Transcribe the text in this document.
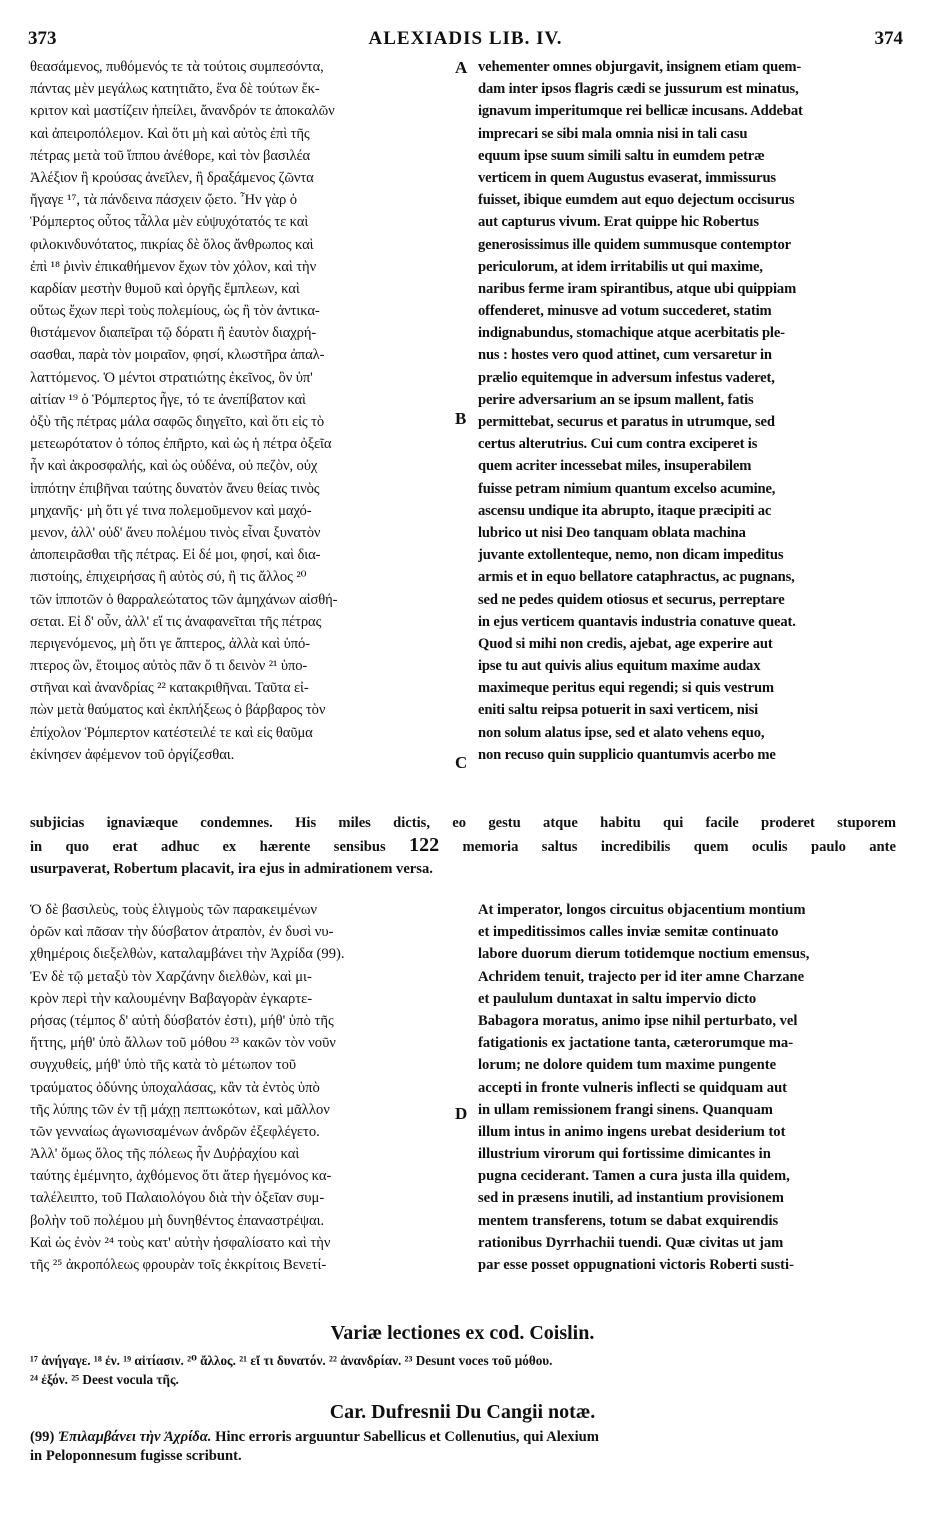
373	ALEXIADIS LIB. IV.	374
θεασάμενος, πυθόμενός τε τὰ τούτοις συμπεσόντα,
πάντας μὲν μεγάλως κατητιᾶτο, ἕνα δὲ τούτων ἔκ-
κριτον καὶ μαστίζειν ἠπείλει, ἄνανδρόν τε ἀποκαλῶν
καὶ ἀπειροπόλεμον. Καὶ ὅτι μὴ καὶ αὐτὸς ἐπὶ τῆς
πέτρας μετὰ τοῦ ἵππου ἀνέθορε, καὶ τὸν βασιλέα
Ἀλέξιον ἢ κρούσας ἀνεῖλεν, ἢ δραξάμενος ζῶντα
ἤγαγε ¹⁷, τὰ πάνδεινα πάσχειν ᾤετο. Ἦν γὰρ ὁ
Ῥόμπερτος οὗτος τἆλλα μὲν εὐψυχότατός τε καὶ
φιλοκινδυνότατος, πικρίας δὲ ὅλος ἄνθρωπος καὶ
ἐπὶ ¹⁸ ῥινὶν ἐπικαθήμενον ἔχων τὸν χόλον, καὶ τὴν
καρδίαν μεστὴν θυμοῦ καὶ ὀργῆς ἔμπλεων, καὶ
οὕτως ἔχων περὶ τοὺς πολεμίους, ὡς ἢ τὸν ἀντικα-
θιστάμενον διαπεῖραι τῷ δόρατι ἢ ἑαυτὸν διαχρή-
σασθαι, παρὰ τὸν μοιραῖον, φησί, κλωστῆρα ἀπαλ-
λαττόμενος. Ὁ μέντοι στρατιώτης ἐκεῖνος, ὃν ὑπ'
αἰτίαν ¹⁹ ὁ Ῥόμπερτος ἦγε, τό τε ἀνεπίβατον καὶ
ὀξὺ τῆς πέτρας μάλα σαφῶς διηγεῖτο, καὶ ὅτι εἰς τὸ
μετεωρότατον ὁ τόπος ἐπῆρτο, καὶ ὡς ἡ πέτρα ὀξεῖα
ἦν καὶ ἀκροσφαλής, καὶ ὡς οὐδένα, οὐ πεζὸν, οὐχ
ἱππότην ἐπιβῆναι ταύτης δυνατὸν ἄνευ θείας τινὸς
μηχανῆς· μὴ ὅτι γέ τινα πολεμοῦμενον καὶ μαχό-
μενον, ἀλλ' οὐδ' ἄνευ πολέμου τινὸς εἶναι ξυνατὸν
ἀποπειρᾶσθαι τῆς πέτρας. Εἰ δέ μοι, φησί, καὶ δια-
πιστοίης, ἐπιχειρήσας ἢ αὐτὸς σύ, ἢ τις ἄλλος ²⁰
τῶν ἱπποτῶν ὁ θαρραλεώτατος τῶν ἀμηχάνων αἰσθή-
σεται. Εἰ δ' οὖν, ἀλλ' εἴ τις ἀναφανεῖται τῆς πέτρας
περιγενόμενος, μὴ ὅτι γε ἄπτερος, ἀλλὰ καὶ ὑπό-
πτερος ὢν, ἕτοιμος αὐτὸς πᾶν ὅ τι δεινὸν ²¹ ὑπο-
στῆναι καὶ ἀνανδρίας ²² κατακριθῆναι. Ταῦτα εἰ-
πὼν μετὰ θαύματος καὶ ἐκπλήξεως ὁ βάρβαρος τὸν
ἐπίχολον Ῥόμπερτον κατέστειλέ τε καὶ εἰς θαῦμα
ἐκίνησεν ἀφέμενον τοῦ ὀργίζεσθαι.
vehementer omnes objurgavit, insignem etiam quem-
dam inter ipsos flagris cædi se jussurum est minatus,
ignavum imperitumque rei bellicæ incusans. Addebat
imprecari se sibi mala omnia nisi in tali casu
equum ipse suum simili saltu in eumdem petræ
verticem in quem Augustus evaserat, immissurus
fuisset, ibique eumdem aut equo dejectum occisurus
aut capturus vivum. Erat quippe hic Robertus
generosissimus ille quidem summusque contemptor
periculorum, at idem irritabilis ut qui maxime,
naribus ferme iram spirantibus, atque ubi quippiam
offenderet, minusve ad votum succederet, statim
indignabundus, stomachique atque acerbitatis ple-
nus : hostes vero quod attinet, cum versaretur in
prælio equitemque in adversum infestus vaderet,
perire adversarium an se ipsum mallent, fatis
permittebat, securus et paratus in utrumque, sed
certus alterutrius. Cui cum contra exciperet is
quem acriter incessebat miles, insuperabilem
fuisse petram nimium quantum excelso acumine,
ascensu undique ita abrupto, itaque præcipiti ac
lubrico ut nisi Deo tanquam oblata machina
juvante extollenteque, nemo, non dicam impeditus
armis et in equo bellatore cataphractus, ac pugnans,
sed ne pedes quidem otiosus et securus, perreptare
in ejus verticem quantavis industria conatuve queat.
Quod si mihi non credis, ajebat, age experire aut
ipse tu aut quivis alius equitum maxime audax
maximeque peritus equi regendi; si quis vestrum
eniti saltu reipsa potuerit in saxi verticem, nisi
non solum alatus ipse, sed et alato vehens equo,
non recuso quin supplicio quantumvis acerbo me
A
B
C
D
subjicias ignaviæque condemnes. His miles dictis, eo gestu atque habitu qui facile proderet stuporem
in quo erat adhuc ex hærente sensibus 122 memoria saltus incredibilis quem oculis paulo ante
usurpaverat, Robertum placavit, ira ejus in admirationem versa.
Ὁ δὲ βασιλεὺς, τοὺς ἑλιγμοὺς τῶν παρακειμένων
ὀρῶν καὶ πᾶσαν τὴν δύσβατον ἀτραπὸν, ἐν δυσὶ νυ-
χθημέροις διεξελθὼν, καταλαμβάνει τὴν Ἀχρίδα (99).
Ἐν δὲ τῷ μεταξὺ τὸν Χαρζάνην διελθὼν, καὶ μι-
κρὸν περὶ τὴν καλουμένην Βαβαγορὰν ἐγκαρτε-
ρήσας (τέμπος δ' αὐτὴ δύσβατόν ἐστι), μήθ' ὑπὸ τῆς
ἥττης, μήθ' ὑπὸ ἄλλων τοῦ μόθου ²³ κακῶν τὸν νοῦν
συγχυθείς, μήθ' ὑπὸ τῆς κατὰ τὸ μέτωπον τοῦ
τραύματος ὀδύνης ὑποχαλάσας, κἂν τὰ ἐντὸς ὑπὸ
τῆς λύπης τῶν ἐν τῇ μάχῃ πεπτωκότων, καὶ μᾶλλον
τῶν γενναίως ἀγωνισαμένων ἀνδρῶν ἐξεφλέγετο.
Ἀλλ' ὅμως ὅλος τῆς πόλεως ἦν Δυῤῥαχίου καὶ
ταύτης ἐμέμνητο, ἀχθόμενος ὅτι ἄτερ ἡγεμόνος κα-
ταλέλειπτο, τοῦ Παλαιολόγου διὰ τὴν ὀξεῖαν συμ-
βολὴν τοῦ πολέμου μὴ δυνηθέντος ἐπαναστρέψαι.
Καὶ ὡς ἐνὸν ²⁴ τοὺς κατ' αὐτὴν ἠσφαλίσατο καὶ τὴν
τῆς ²⁵ ἀκροπόλεως φρουρὰν τοῖς ἐκκρίτοις Βενετί-
At imperator, longos circuitus objacentium montium
et impeditissimos calles inviæ semitæ continuato
labore duorum dierum totidemque noctium emensus,
Achridem tenuit, trajecto per id iter amne Charzane
et paululum duntaxat in saltu impervio dicto
Babagora moratus, animo ipse nihil perturbato, vel
fatigationis ex jactatione tanta, cæterorumque ma-
lorum; ne dolore quidem tum maxime pungente
accepti in fronte vulneris inflecti se quidquam aut
in ullam remissionem frangi sinens. Quanquam
illum intus in animo ingens urebat desiderium tot
illustrium virorum qui fortissime dimicantes in
pugna ceciderant. Tamen a cura justa illa quidem,
sed in præsens inutili, ad instantium provisionem
mentem transferens, totum se dabat exquirendis
rationibus Dyrrhachii tuendi. Quæ civitas ut jam
par esse posset oppugnationi victoris Roberti susti-
Variæ lectiones ex cod. Coislin.
¹⁷ ἀνήγαγε. ¹⁸ ἐν. ¹⁹ αἰτίασιν. ²⁰ ἄλλος. ²¹ εἴ τι δυνατόν. ²² ἀνανδρίαν. ²³ Desunt voces τοῦ μόθου.
²⁴ ἐξόν. ²⁵ Deest vocula τῆς.
Car. Dufresnii Du Cangii notæ.
(99) Ἐπιλαμβάνει τὴν Ἀχρίδα. Hinc erroris arguuntur Sabellicus et Collenutius, qui Alexium
in Peloponnesum fugisse scribunt.
